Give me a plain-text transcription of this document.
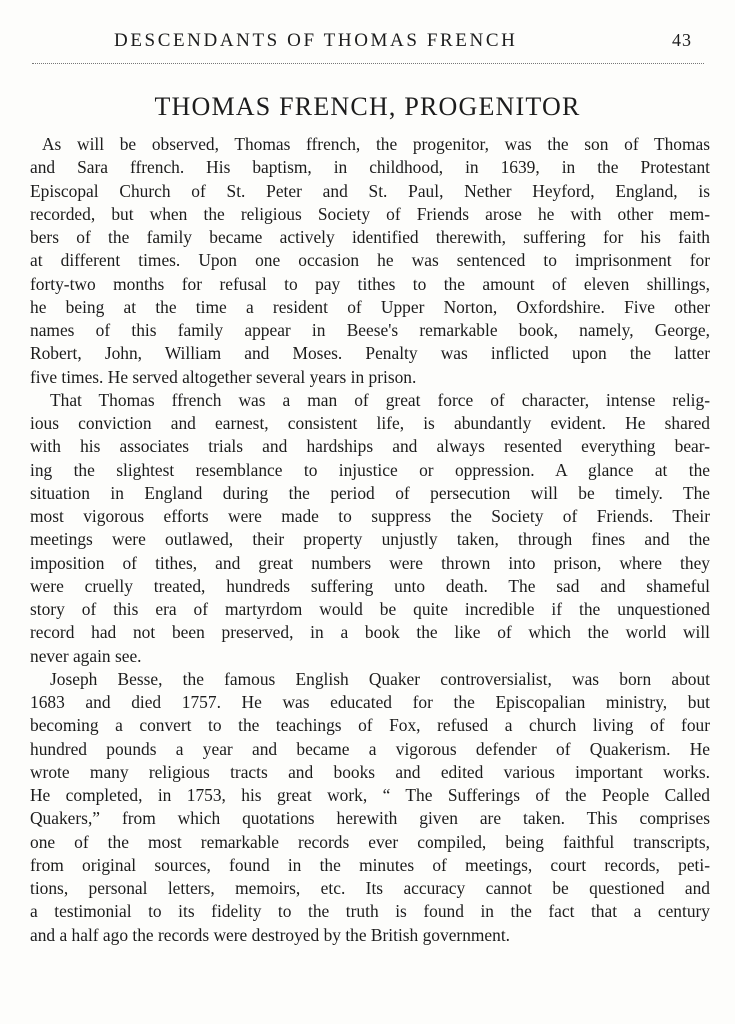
DESCENDANTS OF THOMAS FRENCH	43
THOMAS FRENCH, PROGENITOR
As will be observed, Thomas ffrench, the progenitor, was the son of Thomas
and Sara ffrench. His baptism, in childhood, in 1639, in the Protestant
Episcopal Church of St. Peter and St. Paul, Nether Heyford, England, is
recorded, but when the religious Society of Friends arose he with other mem-
bers of the family became actively identified therewith, suffering for his faith
at different times. Upon one occasion he was sentenced to imprisonment for
forty-two months for refusal to pay tithes to the amount of eleven shillings,
he being at the time a resident of Upper Norton, Oxfordshire. Five other
names of this family appear in Beese's remarkable book, namely, George,
Robert, John, William and Moses. Penalty was inflicted upon the latter
five times. He served altogether several years in prison.
That Thomas ffrench was a man of great force of character, intense relig-
ious conviction and earnest, consistent life, is abundantly evident. He shared
with his associates trials and hardships and always resented everything bear-
ing the slightest resemblance to injustice or oppression. A glance at the
situation in England during the period of persecution will be timely. The
most vigorous efforts were made to suppress the Society of Friends. Their
meetings were outlawed, their property unjustly taken, through fines and the
imposition of tithes, and great numbers were thrown into prison, where they
were cruelly treated, hundreds suffering unto death. The sad and shameful
story of this era of martyrdom would be quite incredible if the unquestioned
record had not been preserved, in a book the like of which the world will
never again see.
Joseph Besse, the famous English Quaker controversialist, was born about
1683 and died 1757. He was educated for the Episcopalian ministry, but
becoming a convert to the teachings of Fox, refused a church living of four
hundred pounds a year and became a vigorous defender of Quakerism. He
wrote many religious tracts and books and edited various important works.
He completed, in 1753, his great work, “ The Sufferings of the People Called
Quakers,” from which quotations herewith given are taken. This comprises
one of the most remarkable records ever compiled, being faithful transcripts,
from original sources, found in the minutes of meetings, court records, peti-
tions, personal letters, memoirs, etc. Its accuracy cannot be questioned and
a testimonial to its fidelity to the truth is found in the fact that a century
and a half ago the records were destroyed by the British government.
